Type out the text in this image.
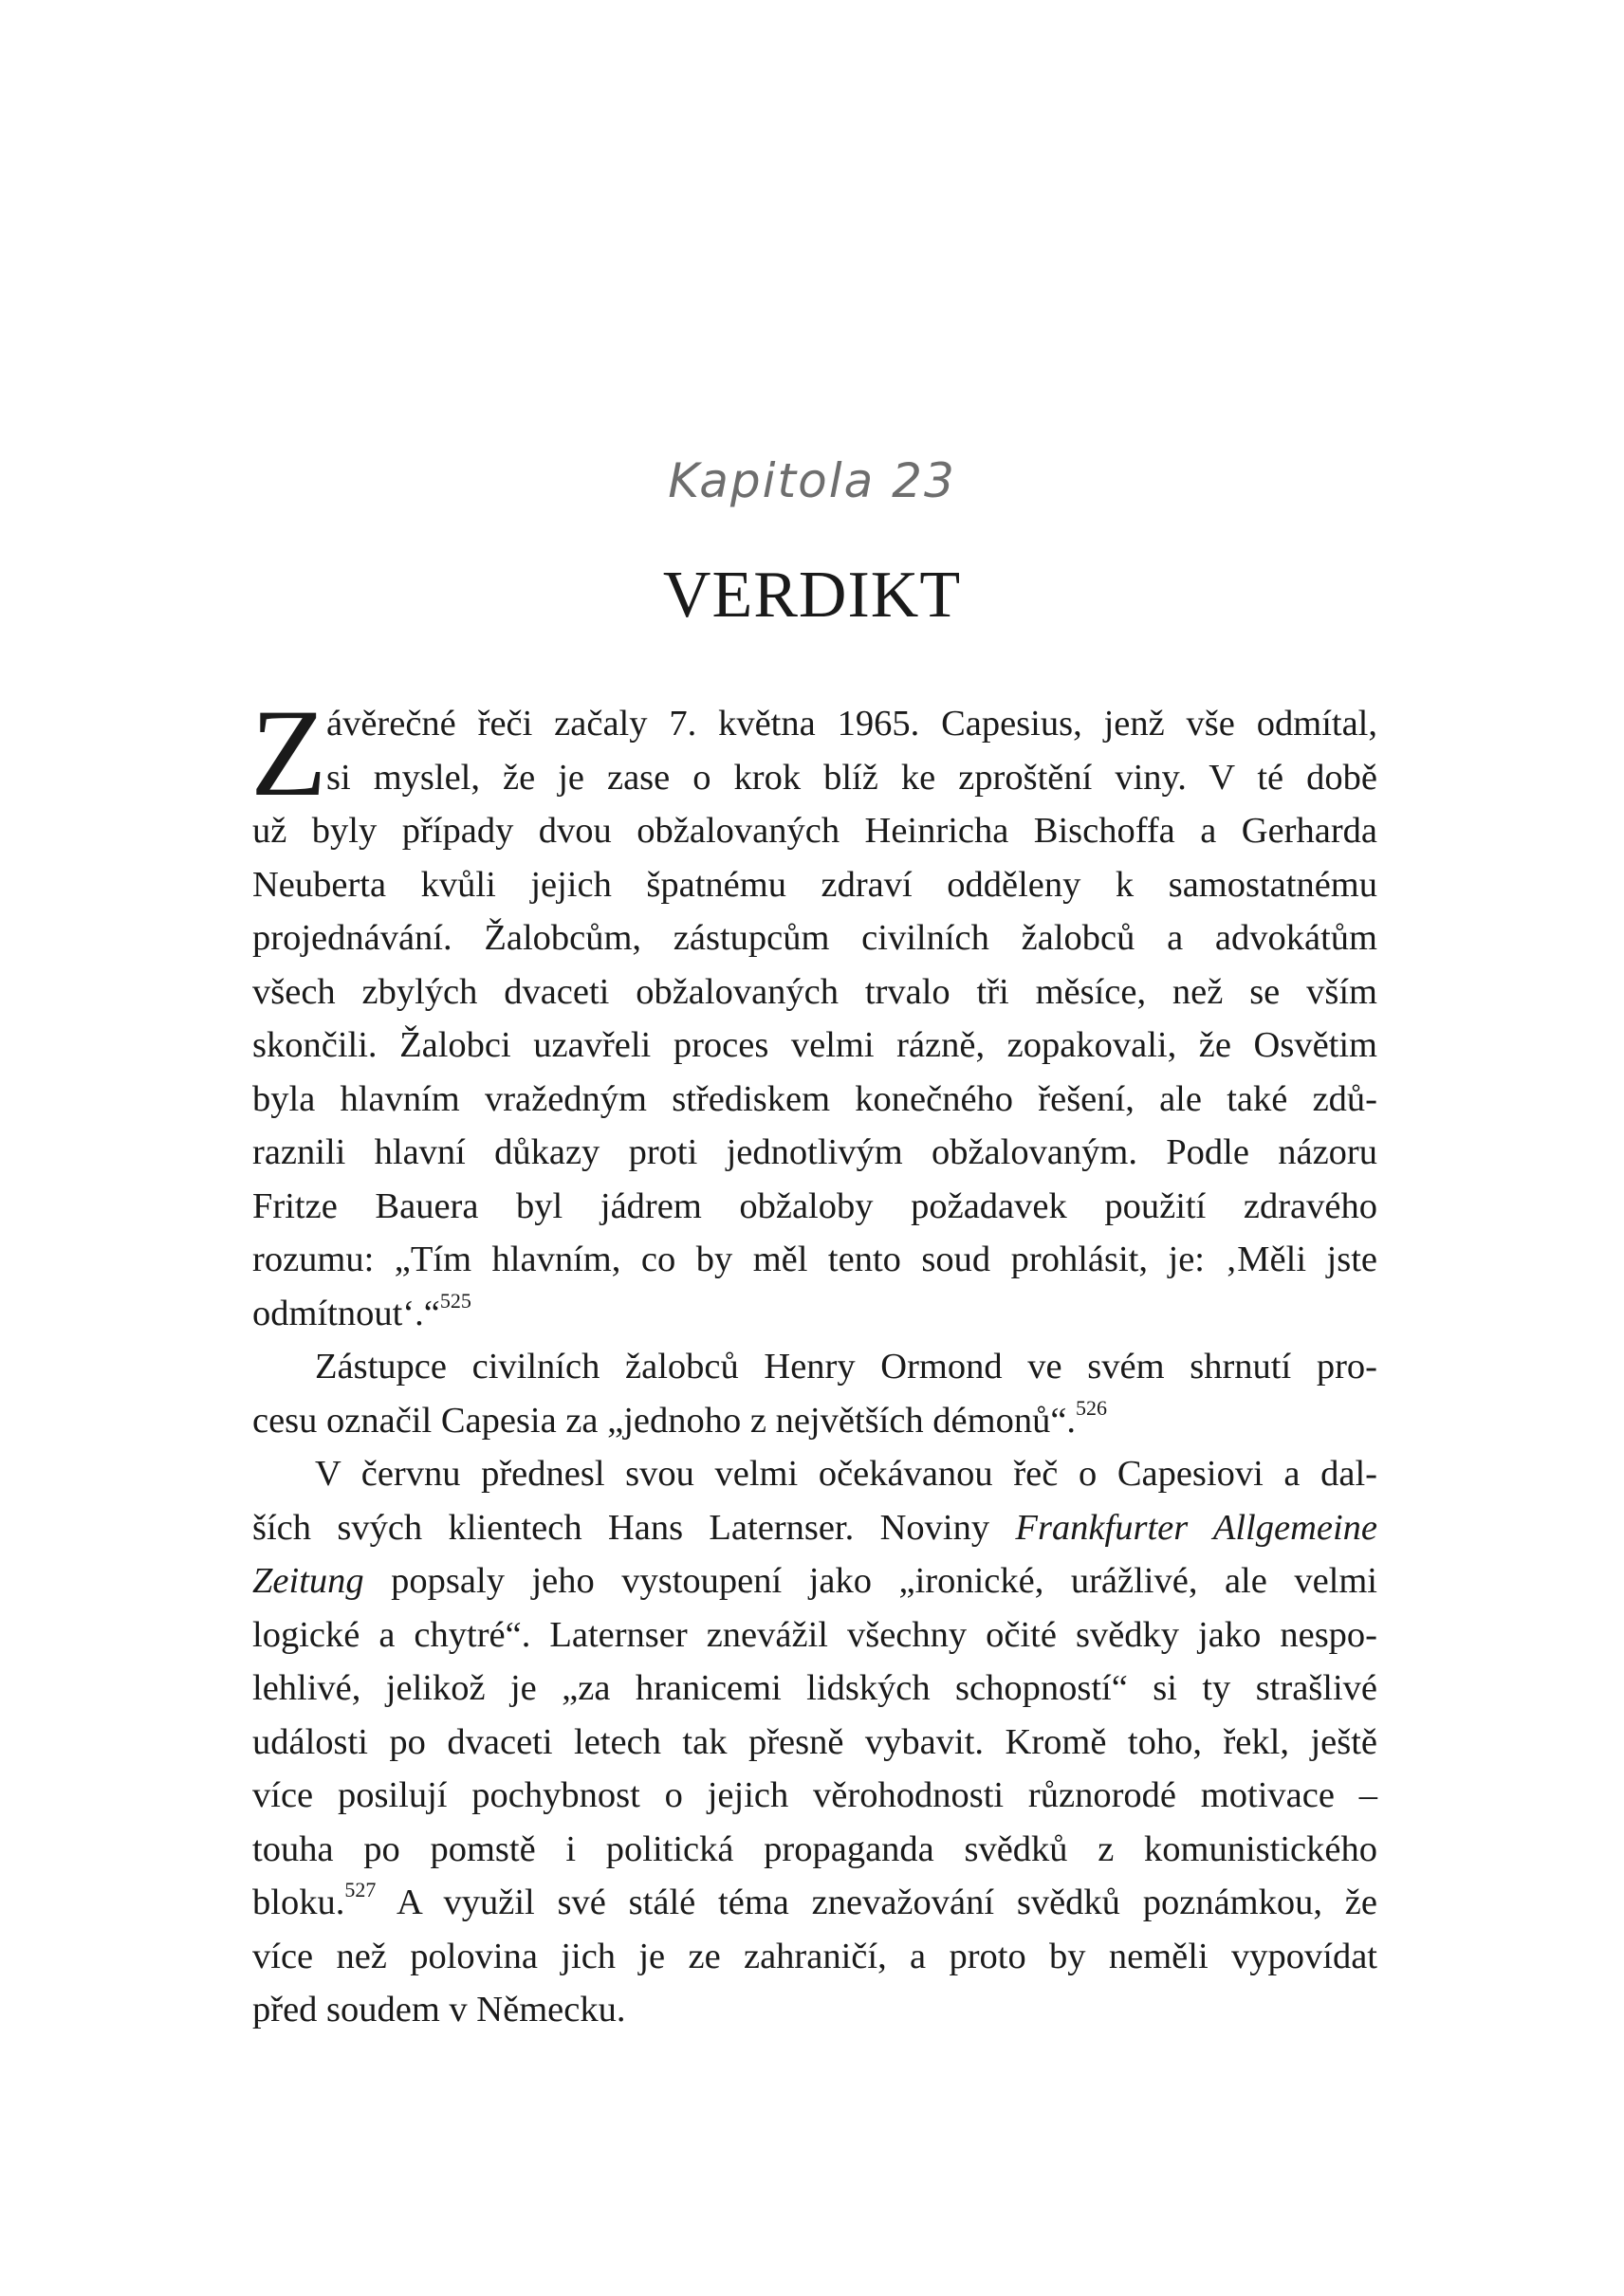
Kapitola 23
VERDIKT
Z ávěrečné řeči začaly 7. května 1965. Capesius, jenž vše odmítal,
si myslel, že je zase o krok blíž ke zproštění viny. V té době
už byly případy dvou obžalovaných Heinricha Bischoffa a Gerharda
Neuberta kvůli jejich špatnému zdraví odděleny k samostatnému
projednávání. Žalobcům, zástupcům civilních žalobců a advokátům
všech zbylých dvaceti obžalovaných trvalo tři měsíce, než se vším
skončili. Žalobci uzavřeli proces velmi rázně, zopakovali, že Osvětim
byla hlavním vražedným střediskem konečného řešení, ale také zdů-
raznili hlavní důkazy proti jednotlivým obžalovaným. Podle názoru
Fritze Bauera byl jádrem obžaloby požadavek použití zdravého
rozumu: „Tím hlavním, co by měl tento soud prohlásit, je: ‚Měli jste
odmítnout‘.“$^{525}$
Zástupce civilních žalobců Henry Ormond ve svém shrnutí pro-
cesu označil Capesia za „jednoho z největších démonů“.$^{526}$
V červnu přednesl svou velmi očekávanou řeč o Capesiovi a dal-
ších svých klientech Hans Laternser. Noviny Frankfurter Allgemeine
Zeitung popsaly jeho vystoupení jako „ironické, urážlivé, ale velmi
logické a chytré“. Laternser znevážil všechny očité svědky jako nespo-
lehlivé, jelikož je „za hranicemi lidských schopností“ si ty strašlivé
události po dvaceti letech tak přesně vybavit. Kromě toho, řekl, ještě
více posilují pochybnost o jejich věrohodnosti různorodé motivace –
touha po pomstě i politická propaganda svědků z komunistického
bloku.$^{527}$ A využil své stálé téma znevažování svědků poznámkou, že
více než polovina jich je ze zahraničí, a proto by neměli vypovídat
před soudem v Německu.
